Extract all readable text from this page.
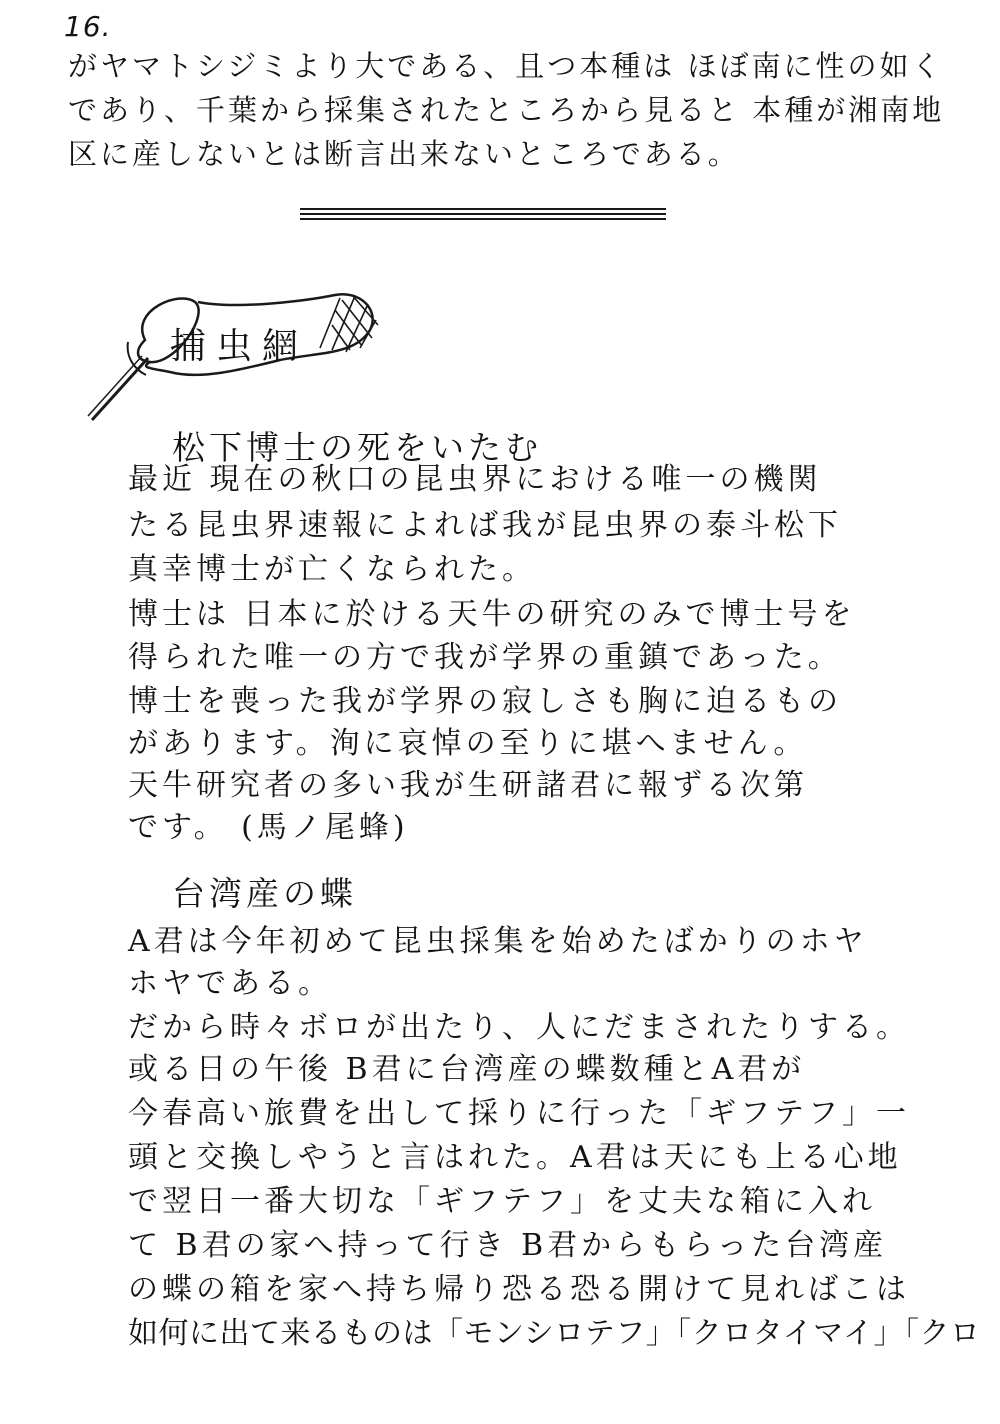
16.
がヤマトシジミより大である、且つ本種は ほぼ南に性の如く
であり、千葉から採集されたところから見ると 本種が湘南地
区に産しないとは断言出来ないところである。
捕虫網
松下博士の死をいたむ
最近 現在の秋口の昆虫界における唯一の機関
たる昆虫界速報によれば我が昆虫界の泰斗松下
真幸博士が亡くなられた。
博士は 日本に於ける天牛の研究のみで博士号を
得られた唯一の方で我が学界の重鎮であった。
博士を喪った我が学界の寂しさも胸に迫るもの
があります。洵に哀悼の至りに堪へません。
天牛研究者の多い我が生研諸君に報ずる次第
です。 (馬ノ尾蜂)
台湾産の蝶
A君は今年初めて昆虫採集を始めたばかりのホヤ
ホヤである。
だから時々ボロが出たり、人にだまされたりする。
或る日の午後 B君に台湾産の蝶数種とA君が
今春高い旅費を出して採りに行った「ギフテフ」一
頭と交換しやうと言はれた。A君は天にも上る心地
で翌日一番大切な「ギフテフ」を丈夫な箱に入れ
て B君の家へ持って行き B君からもらった台湾産
の蝶の箱を家へ持ち帰り恐る恐る開けて見ればこは
如何に出て来るものは「モンシロテフ」「クロタイマイ」「クロ
